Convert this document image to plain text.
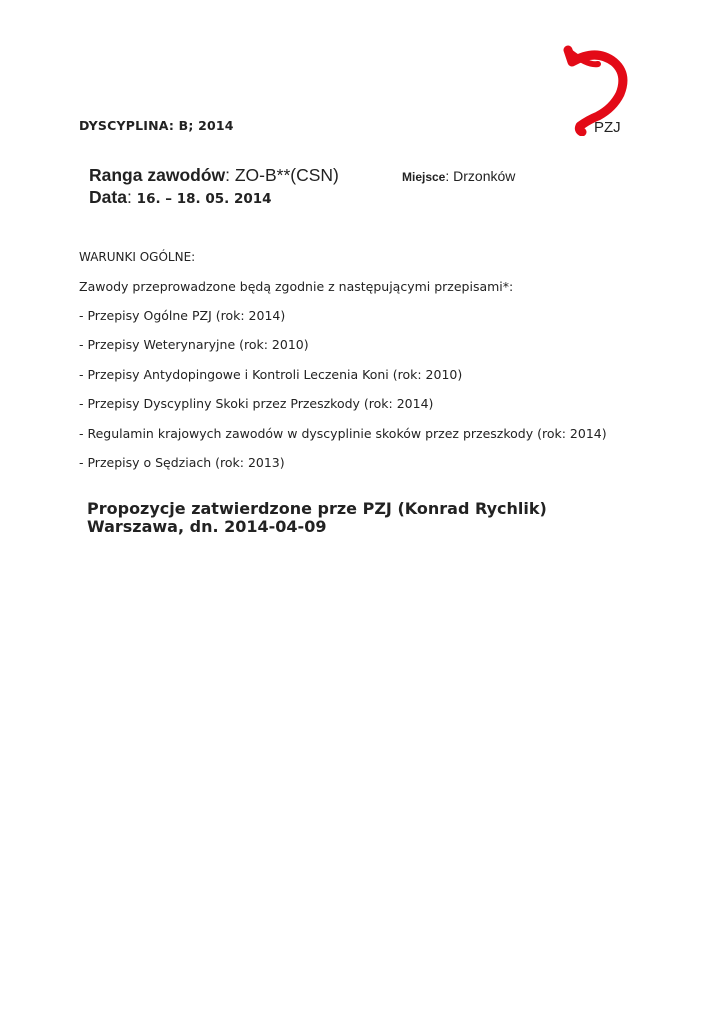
DYSCYPLINA: B; 2014	PZJ
Ranga zawodów: ZO-B**(CSN)	Miejsce: Drzonków
Data: 16. – 18. 05. 2014
WARUNKI OGÓLNE:
Zawody przeprowadzone będą zgodnie z następującymi przepisami*:
- Przepisy Ogólne PZJ (rok: 2014)
- Przepisy Weterynaryjne (rok: 2010)
- Przepisy Antydopingowe i Kontroli Leczenia Koni (rok: 2010)
- Przepisy Dyscypliny Skoki przez Przeszkody (rok: 2014)
- Regulamin krajowych zawodów w dyscyplinie skoków przez przeszkody (rok: 2014)
- Przepisy o Sędziach (rok: 2013)
Propozycje zatwierdzone prze PZJ (Konrad Rychlik)
Warszawa, dn. 2014-04-09
